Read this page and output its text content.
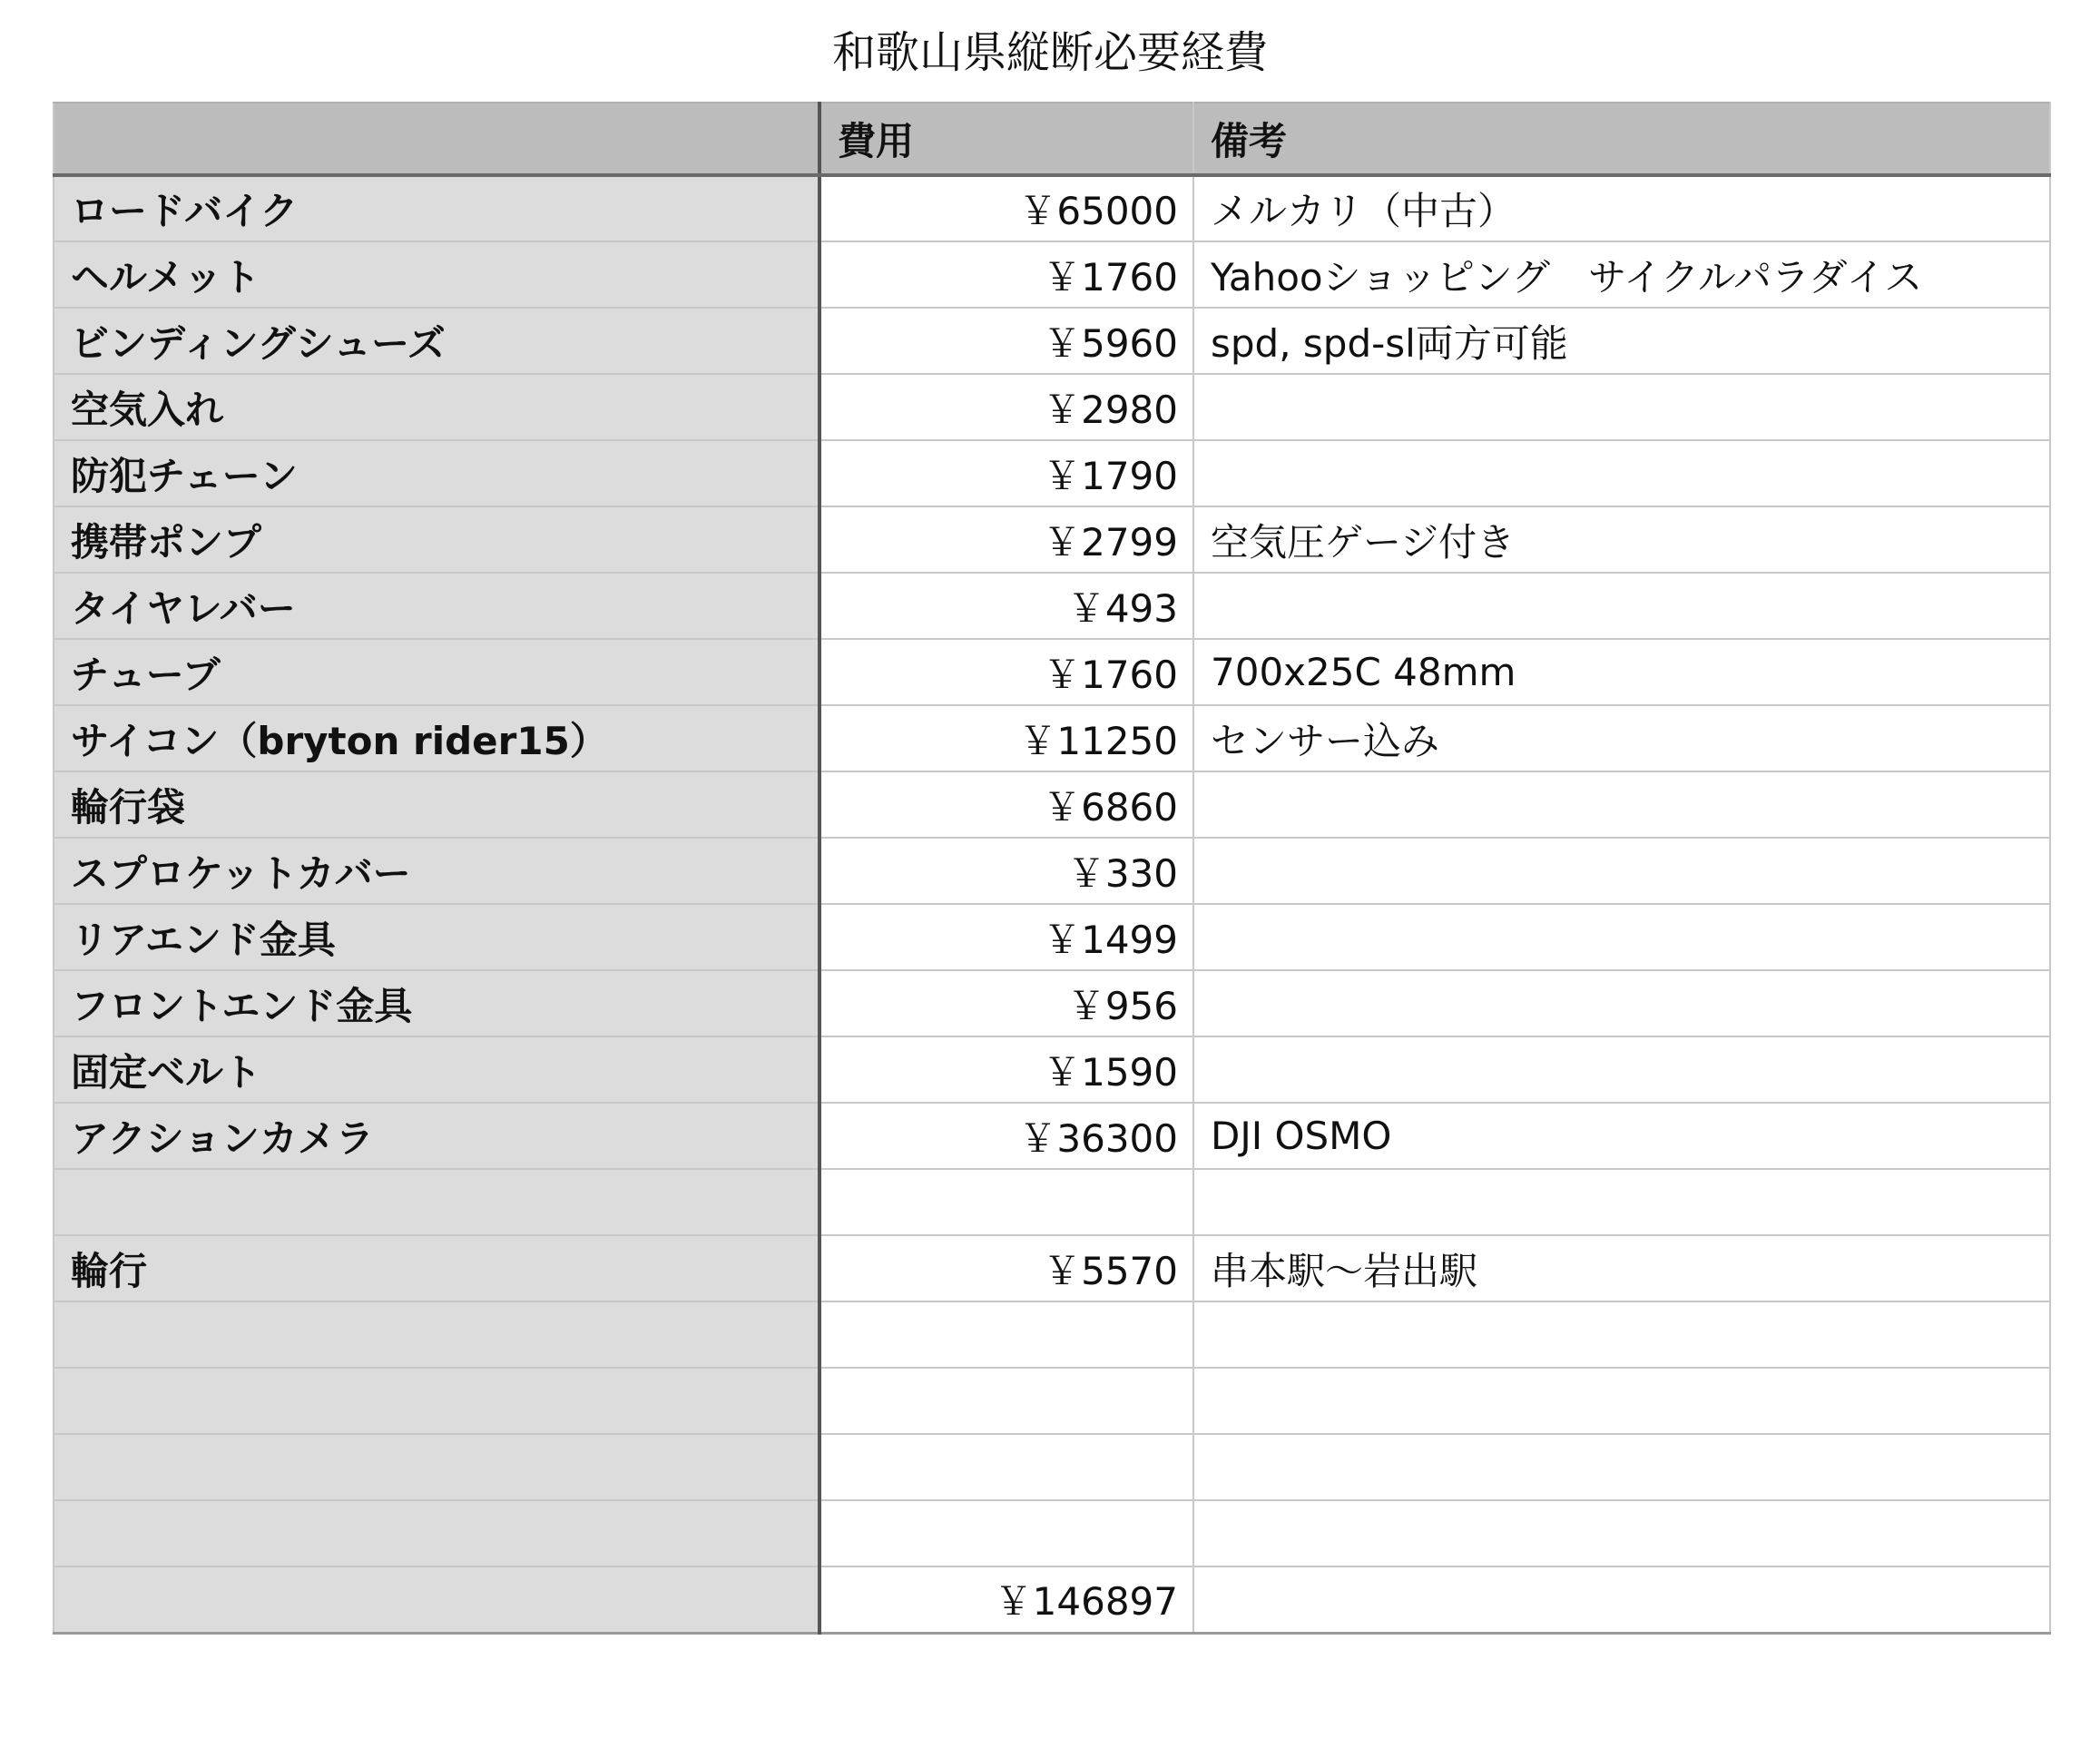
和歌山県縦断必要経費
	費用	備考
ロードバイク	￥65000	メルカリ（中古）
ヘルメット	￥1760	Yahooショッピング　サイクルパラダイス
ビンディングシューズ	￥5960	spd, spd-sl両方可能
空気入れ	￥2980	
防犯チェーン	￥1790	
携帯ポンプ	￥2799	空気圧ゲージ付き
タイヤレバー	￥493	
チューブ	￥1760	700x25C 48mm
サイコン（bryton rider15）	￥11250	センサー込み
輪行袋	￥6860	
スプロケットカバー	￥330	
リアエンド金具	￥1499	
フロントエンド金具	￥956	
固定ベルト	￥1590	
アクションカメラ	￥36300	DJI OSMO

輪行	￥5570	串本駅〜岩出駅

	￥146897	
